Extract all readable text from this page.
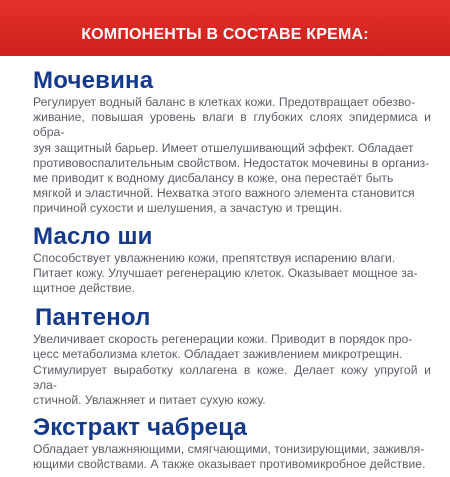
КОМПОНЕНТЫ В СОСТАВЕ КРЕМА:
Мочевина

Регулирует водный баланс в клетках кожи. Предотвращает обезво-
живание, повышая уровень влаги в глубоких слоях эпидермиса и обра-
зуя защитный барьер. Имеет отшелушивающий эффект. Обладает
противовоспалительным свойством. Недостаток мочевины в организ-
ме приводит к водному дисбалансу в коже, она перестаёт быть
мягкой и эластичной. Нехватка этого важного элемента становится
причиной сухости и шелушения, а зачастую и трещин.

Масло ши

Способствует увлажнению кожи, препятствуя испарению влаги.
Питает кожу. Улучшает регенерацию клеток. Оказывает мощное за-
щитное действие.

Пантенол

Увеличивает скорость регенерации кожи. Приводит в порядок про-
цесс метаболизма клеток. Обладает заживлением микротрещин.
Стимулирует выработку коллагена в коже. Делает кожу упругой и эла-
стичной. Увлажняет и питает сухую кожу.

Экстракт чабреца

Обладает увлажняющими, смягчающими, тонизирующими, заживля-
ющими свойствами. А также оказывает противомикробное действие.
